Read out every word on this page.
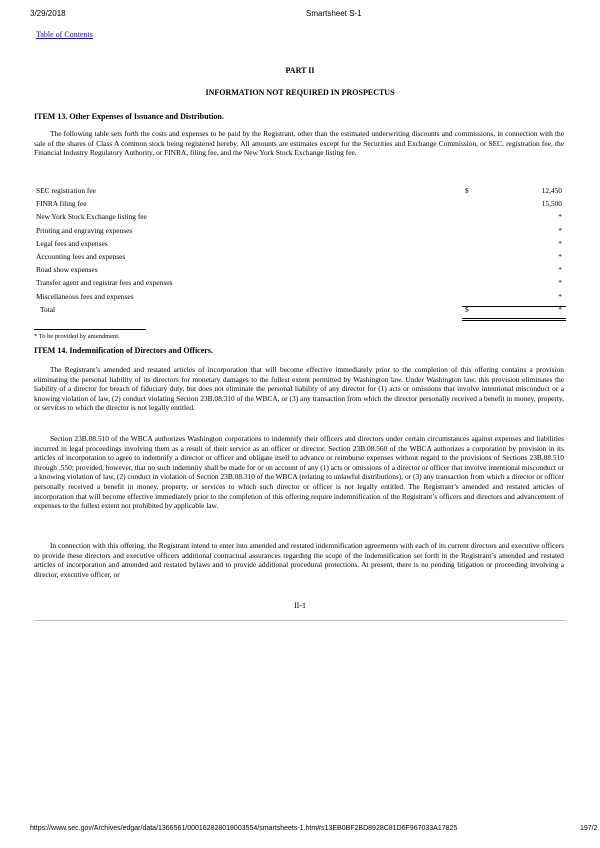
3/29/2018	Smartsheet S-1
Table of Contents
PART II
INFORMATION NOT REQUIRED IN PROSPECTUS
ITEM 13. Other Expenses of Issuance and Distribution.

The following table sets forth the costs and expenses to be paid by the Registrant, other than the estimated underwriting discounts and commissions, in connection with the sale of the shares of Class A common stock being registered hereby. All amounts are estimates except for the Securities and Exchange Commission, or SEC, registration fee, the Financial Industry Regulatory Authority, or FINRA, filing fee, and the New York Stock Exchange listing fee.

SEC registration fee	$	12,450
FINRA filing fee	15,500
New York Stock Exchange listing fee	*
Printing and engraving expenses	*
Legal fees and expenses	*
Accounting fees and expenses	*
Road show expenses	*
Transfer agent and registrar fees and expenses	*
Miscellaneous fees and expenses	*
Total	$	*
* To be provided by amendment.
ITEM 14. Indemnification of Directors and Officers.

The Registrant’s amended and restated articles of incorporation that will become effective immediately prior to the completion of this offering contains a provision eliminating the personal liability of its directors for monetary damages to the fullest extent permitted by Washington law. Under Washington law, this provision eliminates the liability of a director for breach of fiduciary duty, but does not eliminate the personal liability of any director for (1) acts or omissions that involve intentional misconduct or a knowing violation of law, (2) conduct violating Section 23B.08.310 of the WBCA, or (3) any transaction from which the director personally received a benefit in money, property, or services to which the director is not legally entitled.

Section 23B.08.510 of the WBCA authorizes Washington corporations to indemnify their officers and directors under certain circumstances against expenses and liabilities incurred in legal proceedings involving them as a result of their service as an officer or director. Section 23B.08.560 of the WBCA authorizes a corporation by provision in its articles of incorporation to agree to indemnify a director or officer and obligate itself to advance or reimburse expenses without regard to the provisions of Sections 23B.08.510 through .550; provided, however, that no such indemnity shall be made for or on account of any (1) acts or omissions of a director or officer that involve intentional misconduct or a knowing violation of law, (2) conduct in violation of Section 23B.08.310 of the WBCA (relating to unlawful distributions), or (3) any transaction from which a director or officer personally received a benefit in money, property, or services to which such director or officer is not legally entitled. The Registrant’s amended and restated articles of incorporation that will become effective immediately prior to the completion of this offering require indemnification of the Registrant’s officers and directors and advancement of expenses to the fullest extent not prohibited by applicable law.

In connection with this offering, the Registrant intend to enter into amended and restated indemnification agreements with each of its current directors and executive officers to provide these directors and executive officers additional contractual assurances regarding the scope of the indemnification set forth in the Registrant’s amended and restated articles of incorporation and amended and restated bylaws and to provide additional procedural protections. At present, there is no pending litigation or proceeding involving a director, executive officer, or

II-1
https://www.sec.gov/Archives/edgar/data/1366561/000162828018003554/smartsheets-1.htm#s13EB0BF2BD8928C81D6F967033A17825	197/2
